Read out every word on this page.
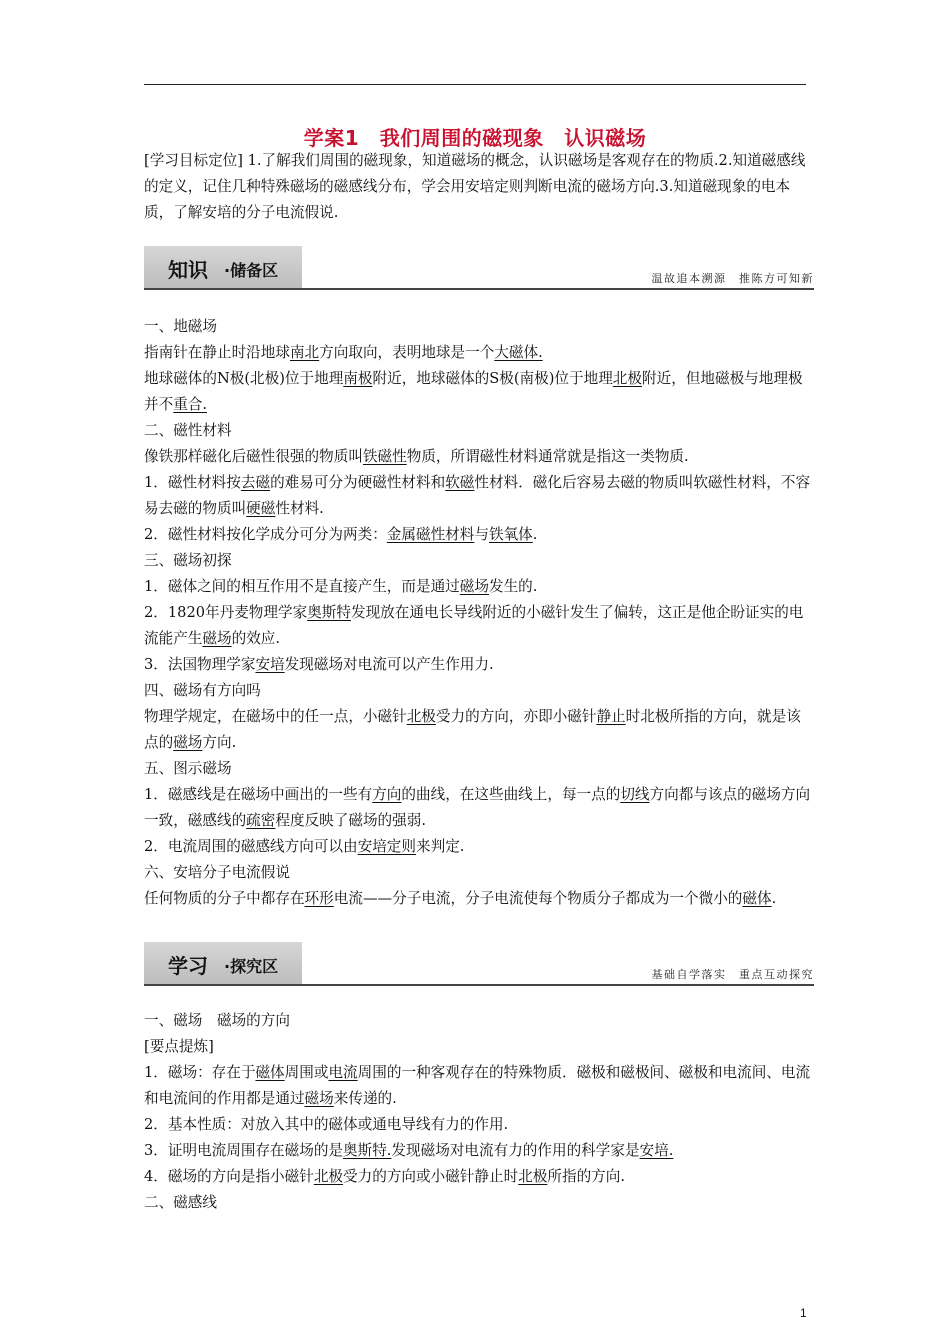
学案1　我们周围的磁现象　认识磁场
[学习目标定位] 1.了解我们周围的磁现象，知道磁场的概念，认识磁场是客观存在的物质.2.知道磁感线的定义，记住几种特殊磁场的磁感线分布，学会用安培定则判断电流的磁场方向.3.知道磁现象的电本质，了解安培的分子电流假说.
知识 ·储备区	温故追本溯源　推陈方可知新

一、地磁场

指南针在静止时沿地球南北方向取向，表明地球是一个大磁体.

地球磁体的N极(北极)位于地理南极附近，地球磁体的S极(南极)位于地理北极附近，但地磁极与地理极并不重合.

二、磁性材料

像铁那样磁化后磁性很强的物质叫铁磁性物质，所谓磁性材料通常就是指这一类物质.

1．磁性材料按去磁的难易可分为硬磁性材料和软磁性材料．磁化后容易去磁的物质叫软磁性材料，不容易去磁的物质叫硬磁性材料.

2．磁性材料按化学成分可分为两类：金属磁性材料与铁氧体.

三、磁场初探

1．磁体之间的相互作用不是直接产生，而是通过磁场发生的.

2．1820年丹麦物理学家奥斯特发现放在通电长导线附近的小磁针发生了偏转，这正是他企盼证实的电流能产生磁场的效应.

3．法国物理学家安培发现磁场对电流可以产生作用力.

四、磁场有方向吗

物理学规定，在磁场中的任一点，小磁针北极受力的方向，亦即小磁针静止时北极所指的方向，就是该点的磁场方向.

五、图示磁场

1．磁感线是在磁场中画出的一些有方向的曲线，在这些曲线上，每一点的切线方向都与该点的磁场方向一致，磁感线的疏密程度反映了磁场的强弱.

2．电流周围的磁感线方向可以由安培定则来判定.

六、安培分子电流假说

任何物质的分子中都存在环形电流——分子电流，分子电流使每个物质分子都成为一个微小的磁体.

学习 ·探究区	基础自学落实　重点互动探究

一、磁场　磁场的方向

[要点提炼]

1．磁场：存在于磁体周围或电流周围的一种客观存在的特殊物质．磁极和磁极间、磁极和电流间、电流和电流间的作用都是通过磁场来传递的.

2．基本性质：对放入其中的磁体或通电导线有力的作用.

3．证明电流周围存在磁场的是奥斯特.发现磁场对电流有力的作用的科学家是安培.

4．磁场的方向是指小磁针北极受力的方向或小磁针静止时北极所指的方向.

二、磁感线

1
